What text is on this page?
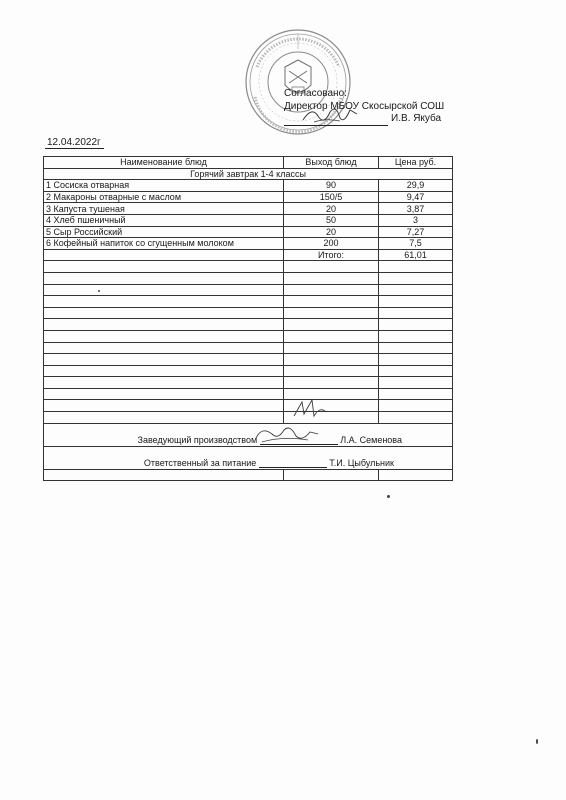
Согласовано:
Директор МБОУ Скосырской СОШ
И.В. Якуба
12.04.2022г
Наименование блюд	Выход блюд	Цена руб.
Горячий завтрак 1-4 классы		
1 Сосиска отварная	90	29,9
2 Макароны отварные с маслом	150/5	9,47
3 Капуста тушеная	20	3,87
4 Хлеб пшеничный	50	3
5 Сыр Российский	20	7,27
6 Кофейный напиток со сгущенным молоком	200	7,5
	Итого:	61,01

Заведующий производством Л.А. Семенова		

Ответственный за питание Т.И. Цыбульник		
